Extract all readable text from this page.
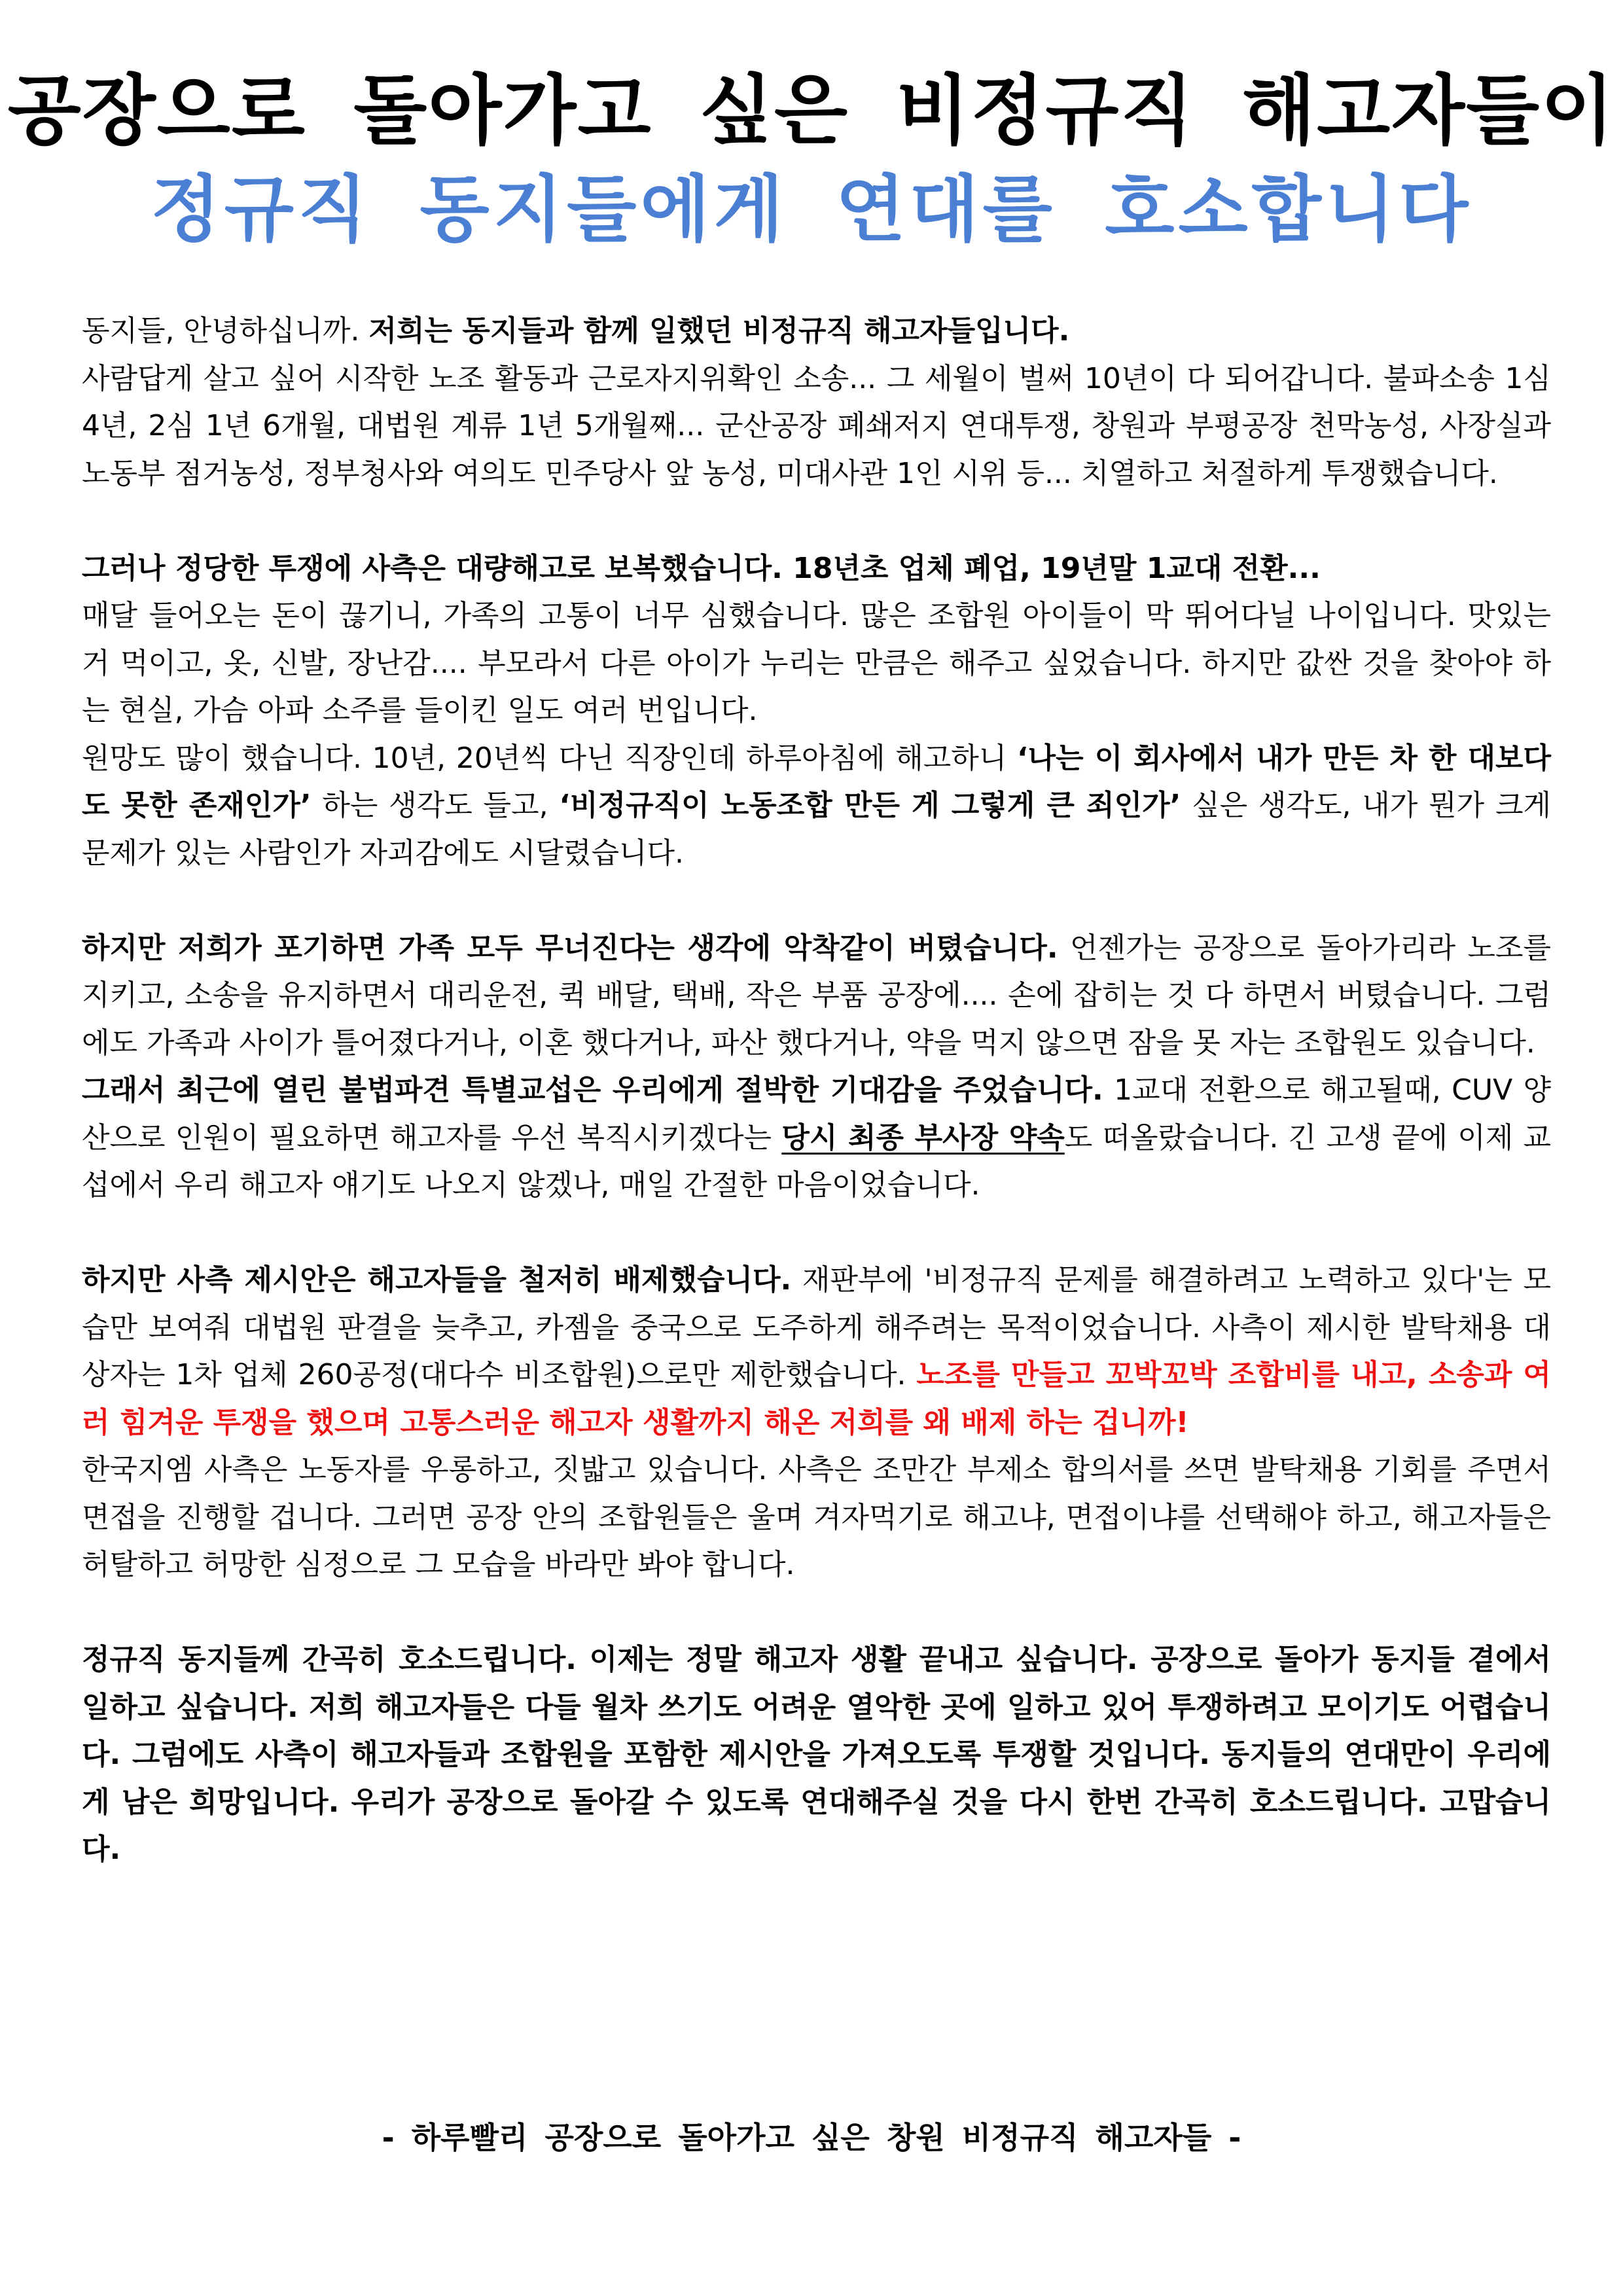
공장으로 돌아가고 싶은 비정규직 해고자들이
정규직 동지들에게 연대를 호소합니다

동지들, 안녕하십니까. 저희는 동지들과 함께 일했던 비정규직 해고자들입니다.

사람답게 살고 싶어 시작한 노조 활동과 근로자지위확인 소송... 그 세월이 벌써 10년이 다 되어갑니다. 불파소송 1심 4년, 2심 1년 6개월, 대법원 계류 1년 5개월째... 군산공장 폐쇄저지 연대투쟁, 창원과 부평공장 천막농성, 사장실과 노동부 점거농성, 정부청사와 여의도 민주당사 앞 농성, 미대사관 1인 시위 등... 치열하고 처절하게 투쟁했습니다.

그러나 정당한 투쟁에 사측은 대량해고로 보복했습니다. 18년초 업체 폐업, 19년말 1교대 전환...

매달 들어오는 돈이 끊기니, 가족의 고통이 너무 심했습니다. 많은 조합원 아이들이 막 뛰어다닐 나이입니다. 맛있는 거 먹이고, 옷, 신발, 장난감.... 부모라서 다른 아이가 누리는 만큼은 해주고 싶었습니다. 하지만 값싼 것을 찾아야 하는 현실, 가슴 아파 소주를 들이킨 일도 여러 번입니다.

원망도 많이 했습니다. 10년, 20년씩 다닌 직장인데 하루아침에 해고하니 ‘나는 이 회사에서 내가 만든 차 한 대보다도 못한 존재인가’ 하는 생각도 들고, ‘비정규직이 노동조합 만든 게 그렇게 큰 죄인가’ 싶은 생각도, 내가 뭔가 크게 문제가 있는 사람인가 자괴감에도 시달렸습니다.

하지만 저희가 포기하면 가족 모두 무너진다는 생각에 악착같이 버텼습니다. 언젠가는 공장으로 돌아가리라 노조를 지키고, 소송을 유지하면서 대리운전, 퀵 배달, 택배, 작은 부품 공장에.... 손에 잡히는 것 다 하면서 버텼습니다. 그럼에도 가족과 사이가 틀어졌다거나, 이혼 했다거나, 파산 했다거나, 약을 먹지 않으면 잠을 못 자는 조합원도 있습니다.

그래서 최근에 열린 불법파견 특별교섭은 우리에게 절박한 기대감을 주었습니다. 1교대 전환으로 해고될때, CUV 양산으로 인원이 필요하면 해고자를 우선 복직시키겠다는 당시 최종 부사장 약속도 떠올랐습니다. 긴 고생 끝에 이제 교섭에서 우리 해고자 얘기도 나오지 않겠나, 매일 간절한 마음이었습니다.

하지만 사측 제시안은 해고자들을 철저히 배제했습니다. 재판부에 '비정규직 문제를 해결하려고 노력하고 있다'는 모습만 보여줘 대법원 판결을 늦추고, 카젬을 중국으로 도주하게 해주려는 목적이었습니다. 사측이 제시한 발탁채용 대상자는 1차 업체 260공정(대다수 비조합원)으로만 제한했습니다. 노조를 만들고 꼬박꼬박 조합비를 내고, 소송과 여러 힘겨운 투쟁을 했으며 고통스러운 해고자 생활까지 해온 저희를 왜 배제 하는 겁니까!

한국지엠 사측은 노동자를 우롱하고, 짓밟고 있습니다. 사측은 조만간 부제소 합의서를 쓰면 발탁채용 기회를 주면서 면접을 진행할 겁니다. 그러면 공장 안의 조합원들은 울며 겨자먹기로 해고냐, 면접이냐를 선택해야 하고, 해고자들은 허탈하고 허망한 심정으로 그 모습을 바라만 봐야 합니다.

정규직 동지들께 간곡히 호소드립니다. 이제는 정말 해고자 생활 끝내고 싶습니다. 공장으로 돌아가 동지들 곁에서 일하고 싶습니다. 저희 해고자들은 다들 월차 쓰기도 어려운 열악한 곳에 일하고 있어 투쟁하려고 모이기도 어렵습니다. 그럼에도 사측이 해고자들과 조합원을 포함한 제시안을 가져오도록 투쟁할 것입니다. 동지들의 연대만이 우리에게 남은 희망입니다. 우리가 공장으로 돌아갈 수 있도록 연대해주실 것을 다시 한번 간곡히 호소드립니다. 고맙습니다.

- 하루빨리 공장으로 돌아가고 싶은 창원 비정규직 해고자들 -
